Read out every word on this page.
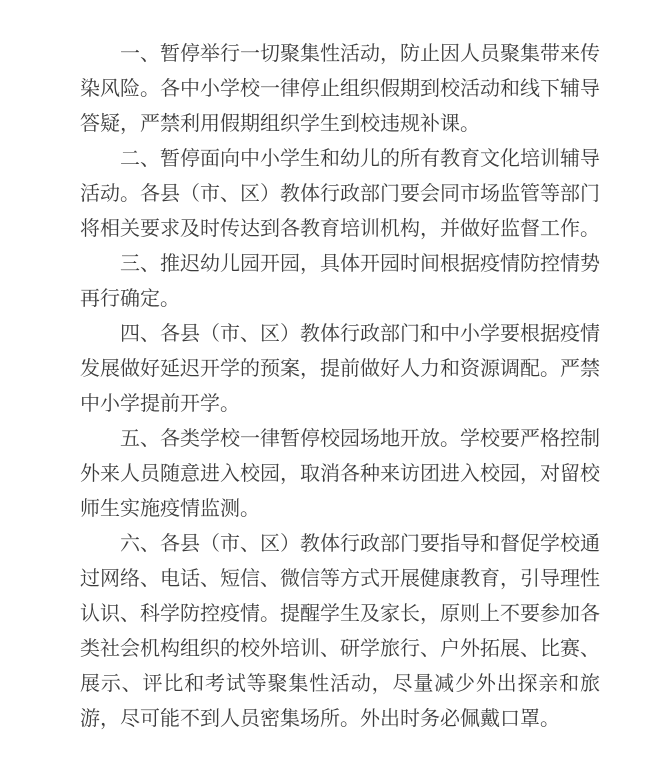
一、暂停举行一切聚集性活动，防止因人员聚集带来传染风险。各中小学校一律停止组织假期到校活动和线下辅导答疑，严禁利用假期组织学生到校违规补课。

二、暂停面向中小学生和幼儿的所有教育文化培训辅导活动。各县（市、区）教体行政部门要会同市场监管等部门将相关要求及时传达到各教育培训机构，并做好监督工作。

三、推迟幼儿园开园，具体开园时间根据疫情防控情势再行确定。

四、各县（市、区）教体行政部门和中小学要根据疫情发展做好延迟开学的预案，提前做好人力和资源调配。严禁中小学提前开学。

五、各类学校一律暂停校园场地开放。学校要严格控制外来人员随意进入校园，取消各种来访团进入校园，对留校师生实施疫情监测。

六、各县（市、区）教体行政部门要指导和督促学校通过网络、电话、短信、微信等方式开展健康教育，引导理性认识、科学防控疫情。提醒学生及家长，原则上不要参加各类社会机构组织的校外培训、研学旅行、户外拓展、比赛、展示、评比和考试等聚集性活动，尽量减少外出探亲和旅游，尽可能不到人员密集场所。外出时务必佩戴口罩。
